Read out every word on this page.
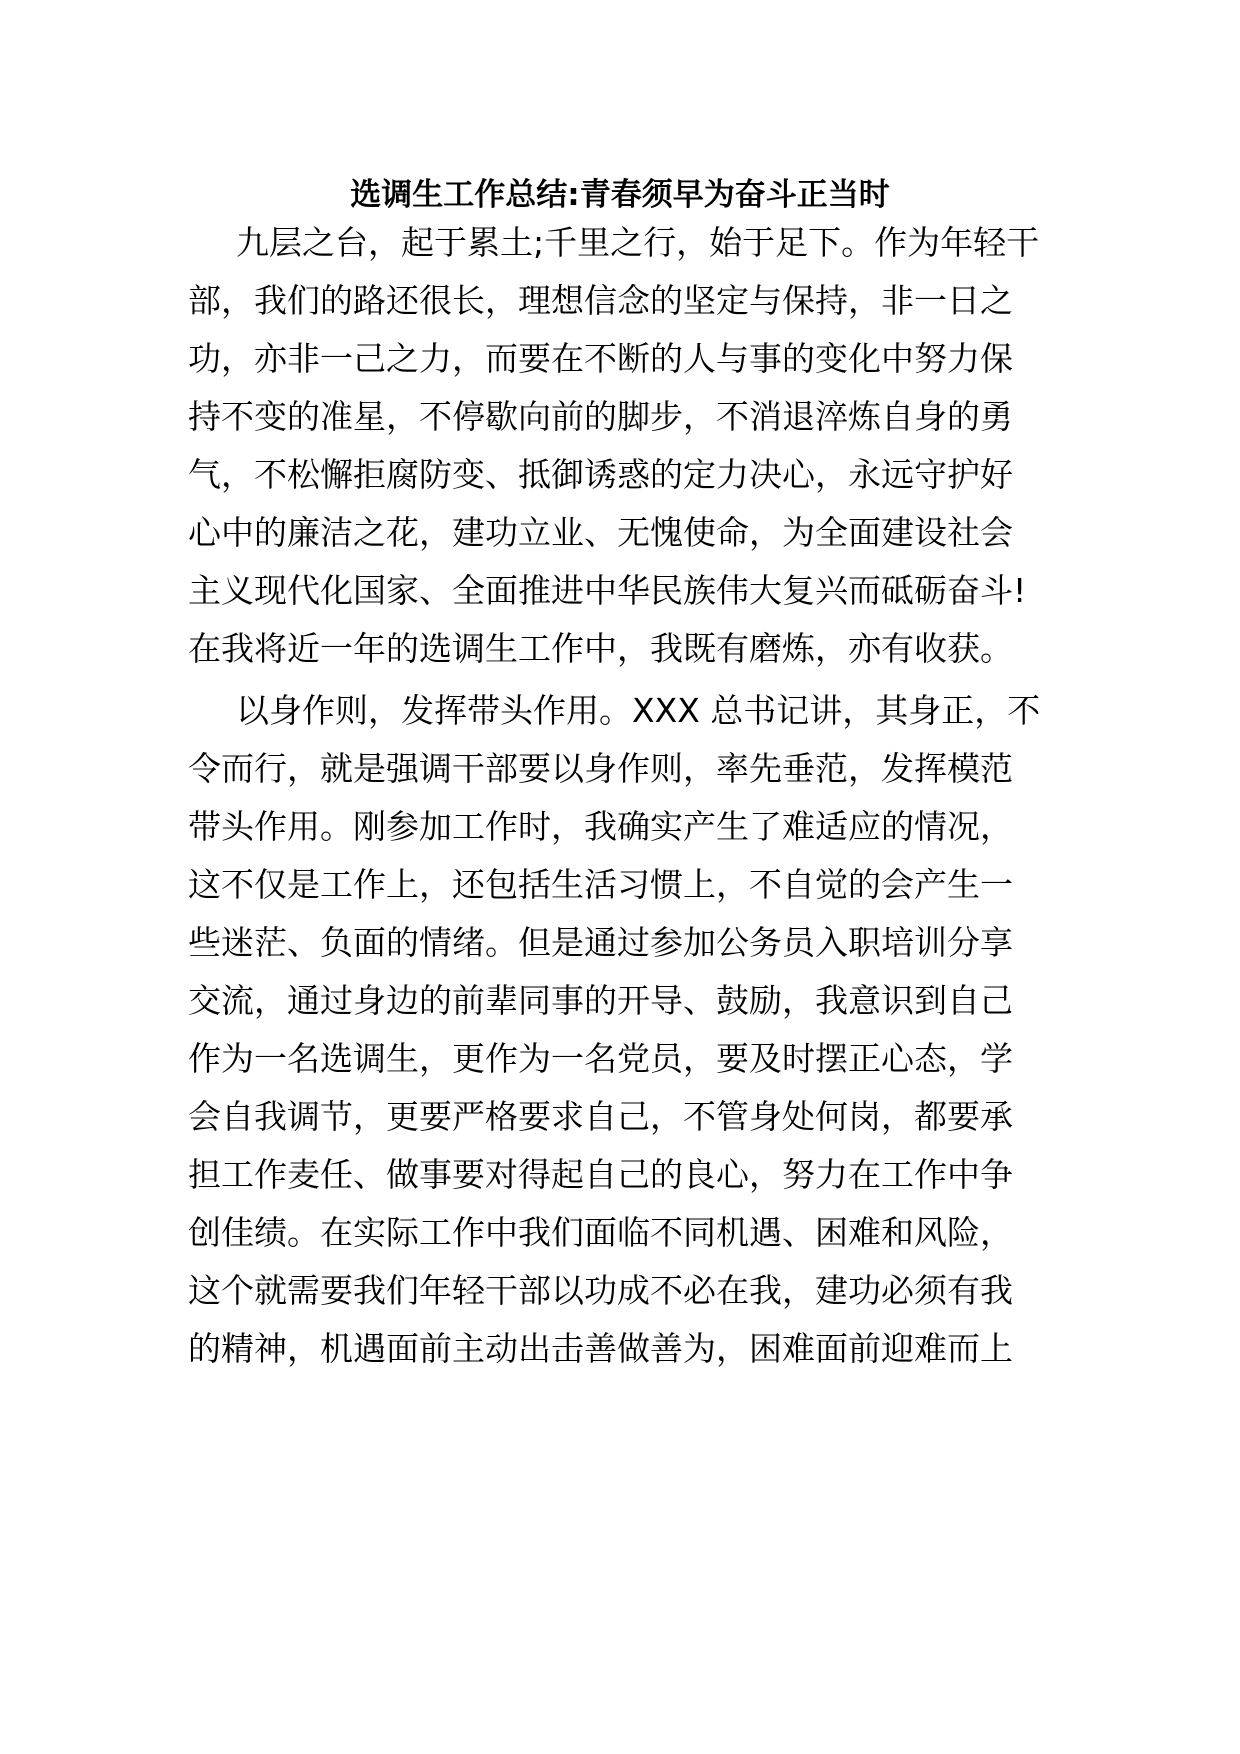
选调生工作总结:青春须早为奋斗正当时

九层之台，起于累土;千里之行，始于足下。作为年轻干

部，我们的路还很长，理想信念的坚定与保持，非一日之

功，亦非一己之力，而要在不断的人与事的变化中努力保

持不变的准星，不停歇向前的脚步，不消退淬炼自身的勇

气，不松懈拒腐防变、抵御诱惑的定力决心，永远守护好

心中的廉洁之花，建功立业、无愧使命，为全面建设社会

主义现代化国家、全面推进中华民族伟大复兴而砥砺奋斗!

在我将近一年的选调生工作中，我既有磨炼，亦有收获。

以身作则，发挥带头作用。XXX 总书记讲，其身正，不

令而行，就是强调干部要以身作则，率先垂范，发挥模范

带头作用。刚参加工作时，我确实产生了难适应的情况，

这不仅是工作上，还包括生活习惯上，不自觉的会产生一

些迷茫、负面的情绪。但是通过参加公务员入职培训分享

交流，通过身边的前辈同事的开导、鼓励，我意识到自己

作为一名选调生，更作为一名党员，要及时摆正心态，学

会自我调节，更要严格要求自己，不管身处何岗，都要承

担工作麦任、做事要对得起自己的良心，努力在工作中争

创佳绩。在实际工作中我们面临不同机遇、困难和风险，

这个就需要我们年轻干部以功成不必在我，建功必须有我

的精神，机遇面前主动出击善做善为，困难面前迎难而上
